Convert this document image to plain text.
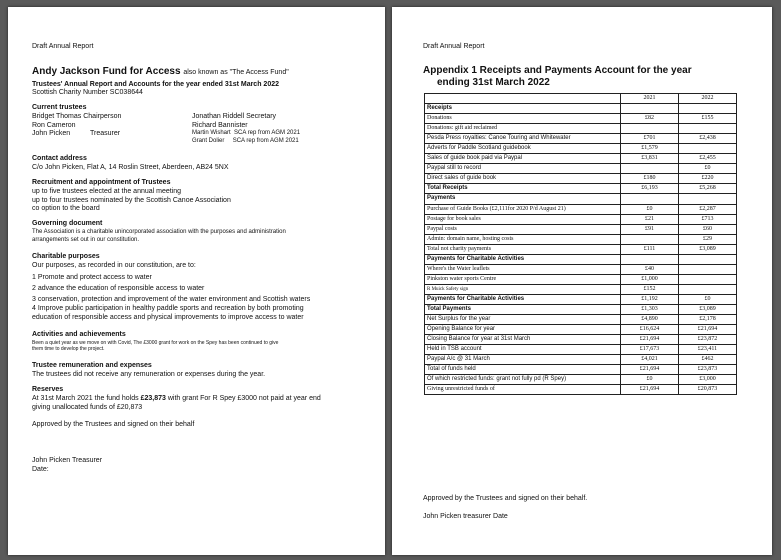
Draft Annual Report
Andy Jackson Fund for Access also known as "The Access Fund"
Trustees' Annual Report and Accounts for the year ended 31st March 2022
Scottish Charity Number SC038644
Current trustees
Bridget Thomas Chairperson
Ron Cameron
John Picken	Treasurer
Jonathan Riddell Secretary
Richard Bannister
Martin Wishart SCA rep from AGM 2021
Grant Dolier SCA rep from AGM 2021
Contact address
C/o John Picken, Flat A, 14 Roslin Street, Aberdeen, AB24 5NX
Recruitment and appointment of Trustees
up to five trustees elected at the annual meeting
up to four trustees nominated by the Scottish Canoe Association
co option to the board
Governing document
The Association is a charitable unincorporated association with the purposes and administration
arrangements set out in our constitution.
Charitable purposes
Our purposes, as recorded in our constitution, are to:
1 Promote and protect access to water
2 advance the education of responsible access to water
3 conservation, protection and improvement of the water environment and Scottish waters
4 Improve public participation in healthy paddle sports and recreation by both promoting
education of responsible access and physical improvements to improve access to water
Activities and achievements
Been a quiet year as we move on with Covid, The £3000 grant for work on the Spey has been continued to give
them time to develop the project.
Trustee remuneration and expenses
The trustees did not receive any remuneration or expenses during the year.
Reserves
At 31st March 2021 the fund holds £23,873 with grant For R Spey £3000 not paid at year end
giving unallocated funds of £20,873
Approved by the Trustees and signed on their behalf
John Picken Treasurer
Date:
Draft Annual Report
Appendix 1 Receipts and Payments Account for the year
ending 31st March 2022
	2021	2022
Receipts		
Donations	£82	£155
Donations: gift aid reclaimed		
Pesda Press royalties: Canoe Touring and Whitewater	£701	£2,438
Adverts for Paddle Scotland guidebook	£1,579	
Sales of guide book paid via Paypal	£3,831	£2,455
Paypal still to record		£0
Direct sales of guide book	£180	£220
Total Receipts	£6,193	£5,268
Payments		
Purchase of Guide Books (£2,111for 2020 P/d August 21)	£0	£2,287
Postage for book sales	£21	£713
Paypal costs	£91	£60
Admin: domain name, hosting costs		£29
Total not charity payments	£111	£3,089
Payments for Charitable Activities		
Where's the Water leaflets	£40	
Pinkston water sports Centre	£1,000	
R Muick Safety sign	£152	
Payments for Charitable Activities	£1,192	£0
Total Payments	£1,303	£3,089
Net Surplus for the year	£4,890	£2,178
Opening Balance for year	£16,624	£21,694
Closing Balance for year at 31st March	£21,694	£23,872
Held in TSB account	£17,673	£23,411
Paypal A/c @ 31 March	£4,021	£462
Total of funds held	£21,694	£23,873
Of which restricted funds: grant not fully pd (R Spey)	£0	£3,000
Giving unrestricted funds of	£21,694	£20,873
Approved by the Trustees and signed on their behalf.
John Picken treasurer Date
